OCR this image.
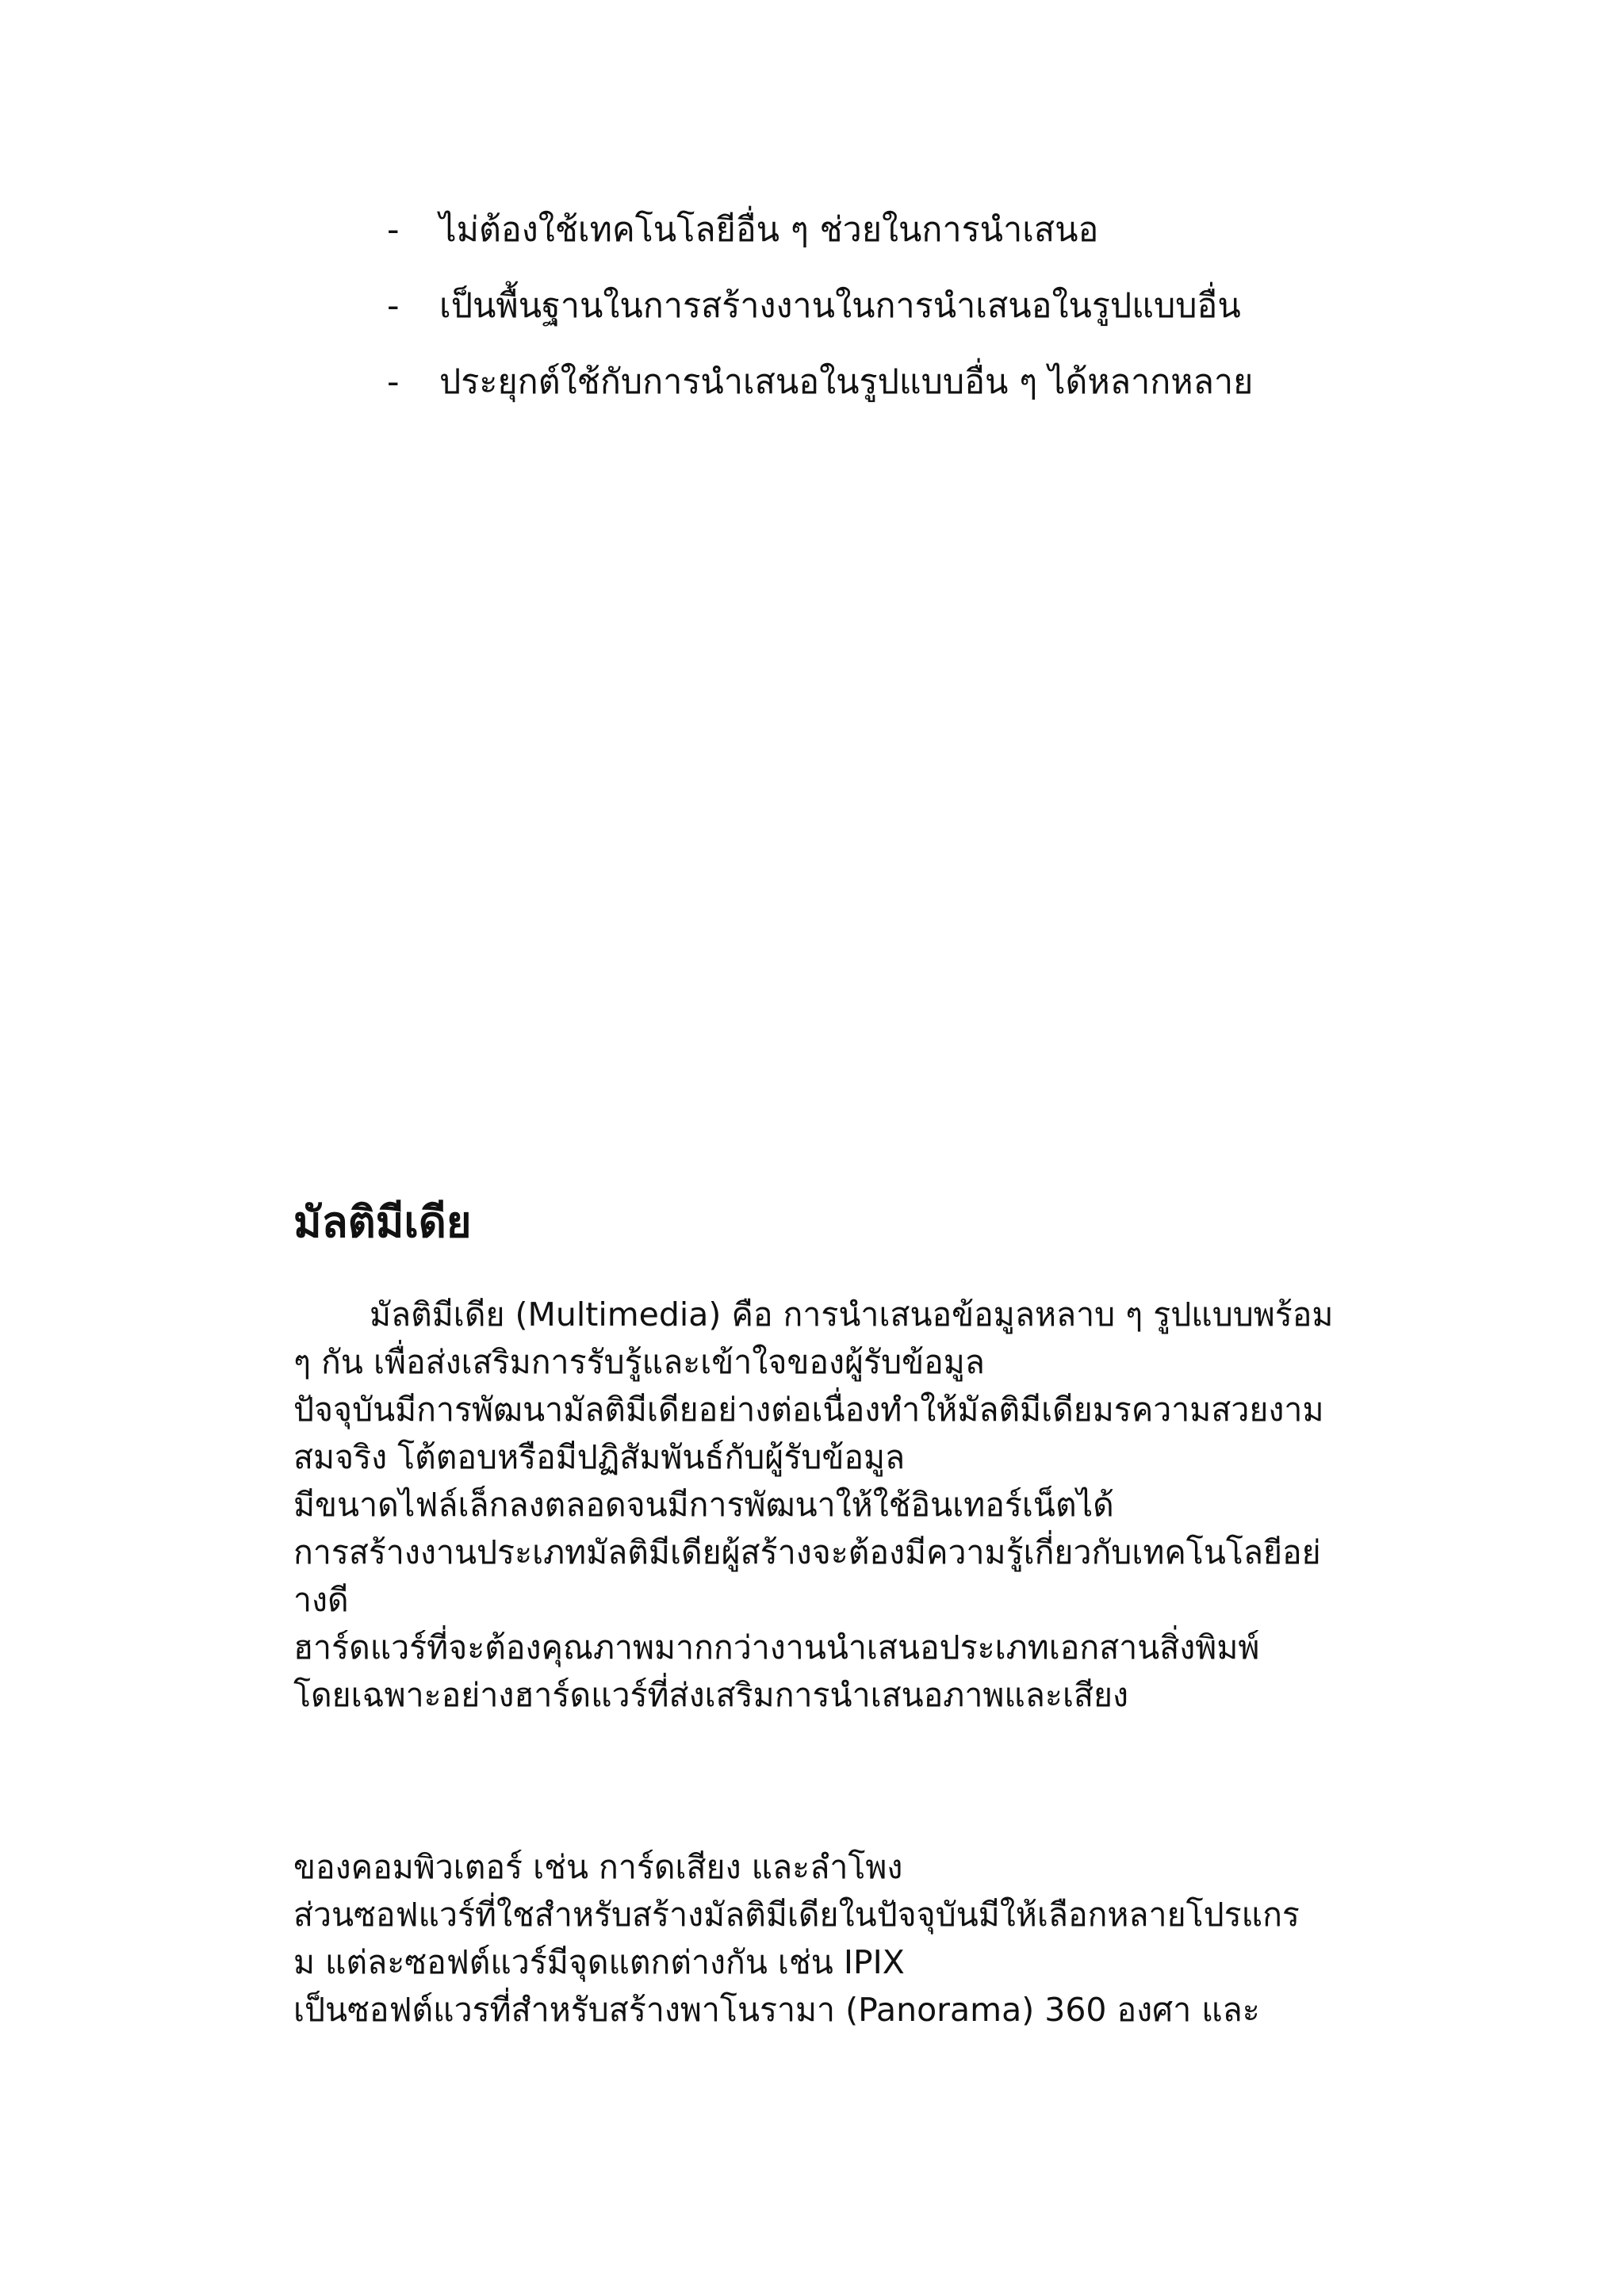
-	ไม่ต้องใช้เทคโนโลยีอื่น ๆ ช่วยในการนำเสนอ
-	เป็นพื้นฐานในการสร้างงานในการนำเสนอในรูปแบบอื่น
-	ประยุกต์ใช้กับการนำเสนอในรูปแบบอื่น ๆ ได้หลากหลาย
มัลติมีเดีย
มัลติมีเดีย (Multimedia) คือ การนำเสนอข้อมูลหลาบ ๆ รูปแบบพร้อม
ๆ กัน เพื่อส่งเสริมการรับรู้และเข้าใจของผู้รับข้อมูล
ปัจจุบันมีการพัฒนามัลติมีเดียอย่างต่อเนื่องทำให้มัลติมีเดียมรความสวยงาม
สมจริง โต้ตอบหรือมีปฏิสัมพันธ์กับผู้รับข้อมูล
มีขนาดไฟล์เล็กลงตลอดจนมีการพัฒนาให้ใช้อินเทอร์เน็ตได้
การสร้างงานประเภทมัลติมีเดียผู้สร้างจะต้องมีความรู้เกี่ยวกับเทคโนโลยีอย่
างดี
ฮาร์ดแวร์ที่จะต้องคุณภาพมากกว่างานนำเสนอประเภทเอกสานสิ่งพิมพ์
โดยเฉพาะอย่างฮาร์ดแวร์ที่ส่งเสริมการนำเสนอภาพและเสียง
ของคอมพิวเตอร์ เช่น การ์ดเสียง และลำโพง
ส่วนซอฟแวร์ที่ใชสำหรับสร้างมัลติมีเดียในปัจจุบันมีให้เลือกหลายโปรแกร
ม แต่ละซอฟต์แวร์มีจุดแตกต่างกัน เช่น IPIX
เป็นซอฟต์แวรที่สำหรับสร้างพาโนรามา (Panorama) 360 องศา และ
